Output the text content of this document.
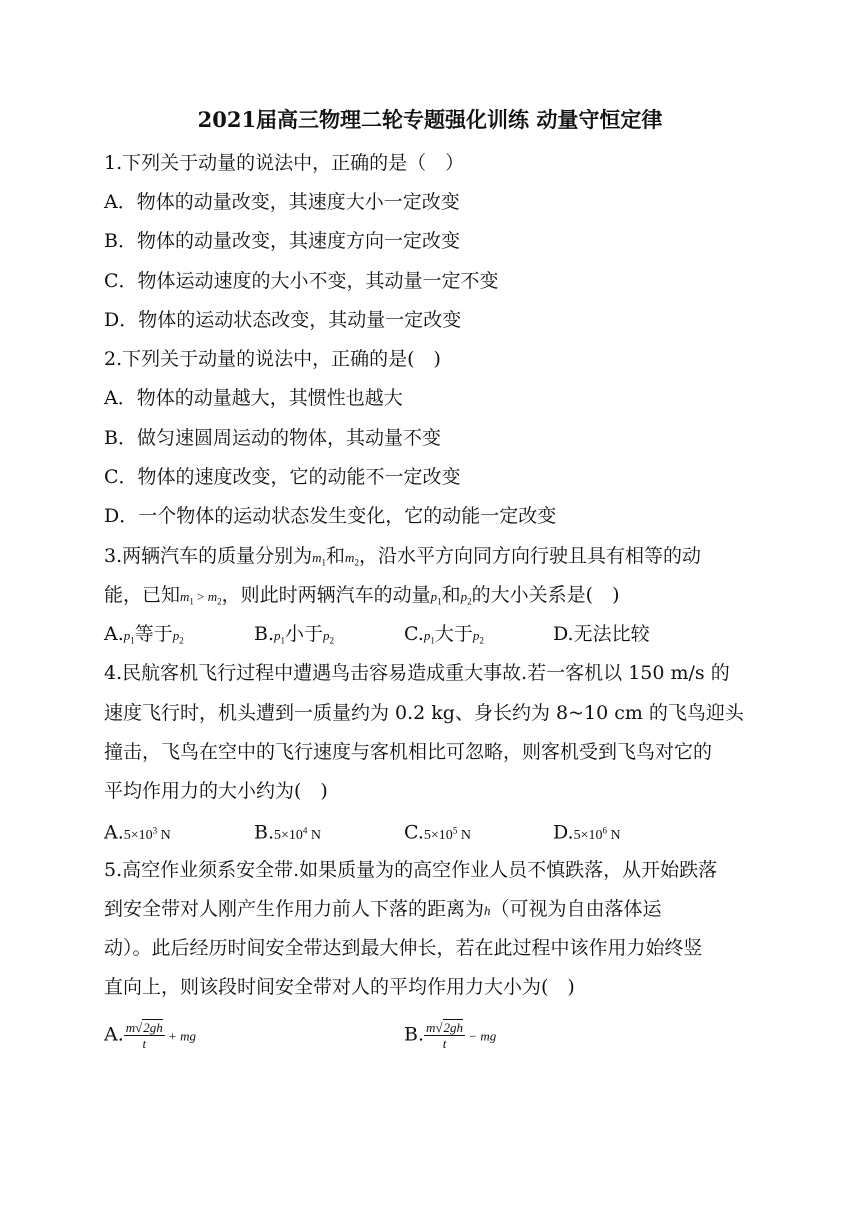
2021届高三物理二轮专题强化训练 动量守恒定律
1.下列关于动量的说法中，正确的是（　）
A．物体的动量改变，其速度大小一定改变
B．物体的动量改变，其速度方向一定改变
C．物体运动速度的大小不变，其动量一定不变
D．物体的运动状态改变，其动量一定改变
2.下列关于动量的说法中，正确的是(　)
A．物体的动量越大，其惯性也越大
B．做匀速圆周运动的物体，其动量不变
C．物体的速度改变，它的动能不一定改变
D．一个物体的运动状态发生变化，它的动能一定改变
3.两辆汽车的质量分别为$m_1$和$m_2$，沿水平方向同方向行驶且具有相等的动
能，已知$m_1 > m_2$，则此时两辆汽车的动量$p_1$和$p_2$的大小关系是(　)
$A.p_1$等于$p_2$	$B.p_1$小于$p_2$	$C.p_1$大于$p_2$	D.无法比较
4.民航客机飞行过程中遭遇鸟击容易造成重大事故.若一客机以 150 m/s 的
速度飞行时，机头遭到一质量约为 0.2 kg、身长约为 8~10 cm 的飞鸟迎头
撞击，飞鸟在空中的飞行速度与客机相比可忽略，则客机受到飞鸟对它的
平均作用力的大小约为(　)
$A.5\times 10^3$ N	$B.5\times 10^4$ N	$C.5\times 10^5$ N	$D.5\times 10^6$ N
5.高空作业须系安全带.如果质量为的高空作业人员不慎跌落，从开始跌落
到安全带对人刚产生作用力前人下落的距离为h（可视为自由落体运
动）。此后经历时间安全带达到最大伸长，若在此过程中该作用力始终竖
直向上，则该段时间安全带对人的平均作用力大小为(　)
A. $\frac{m√2gh}{t}$ + mg	B. $\frac{m√2gh}{t}$ − mg
